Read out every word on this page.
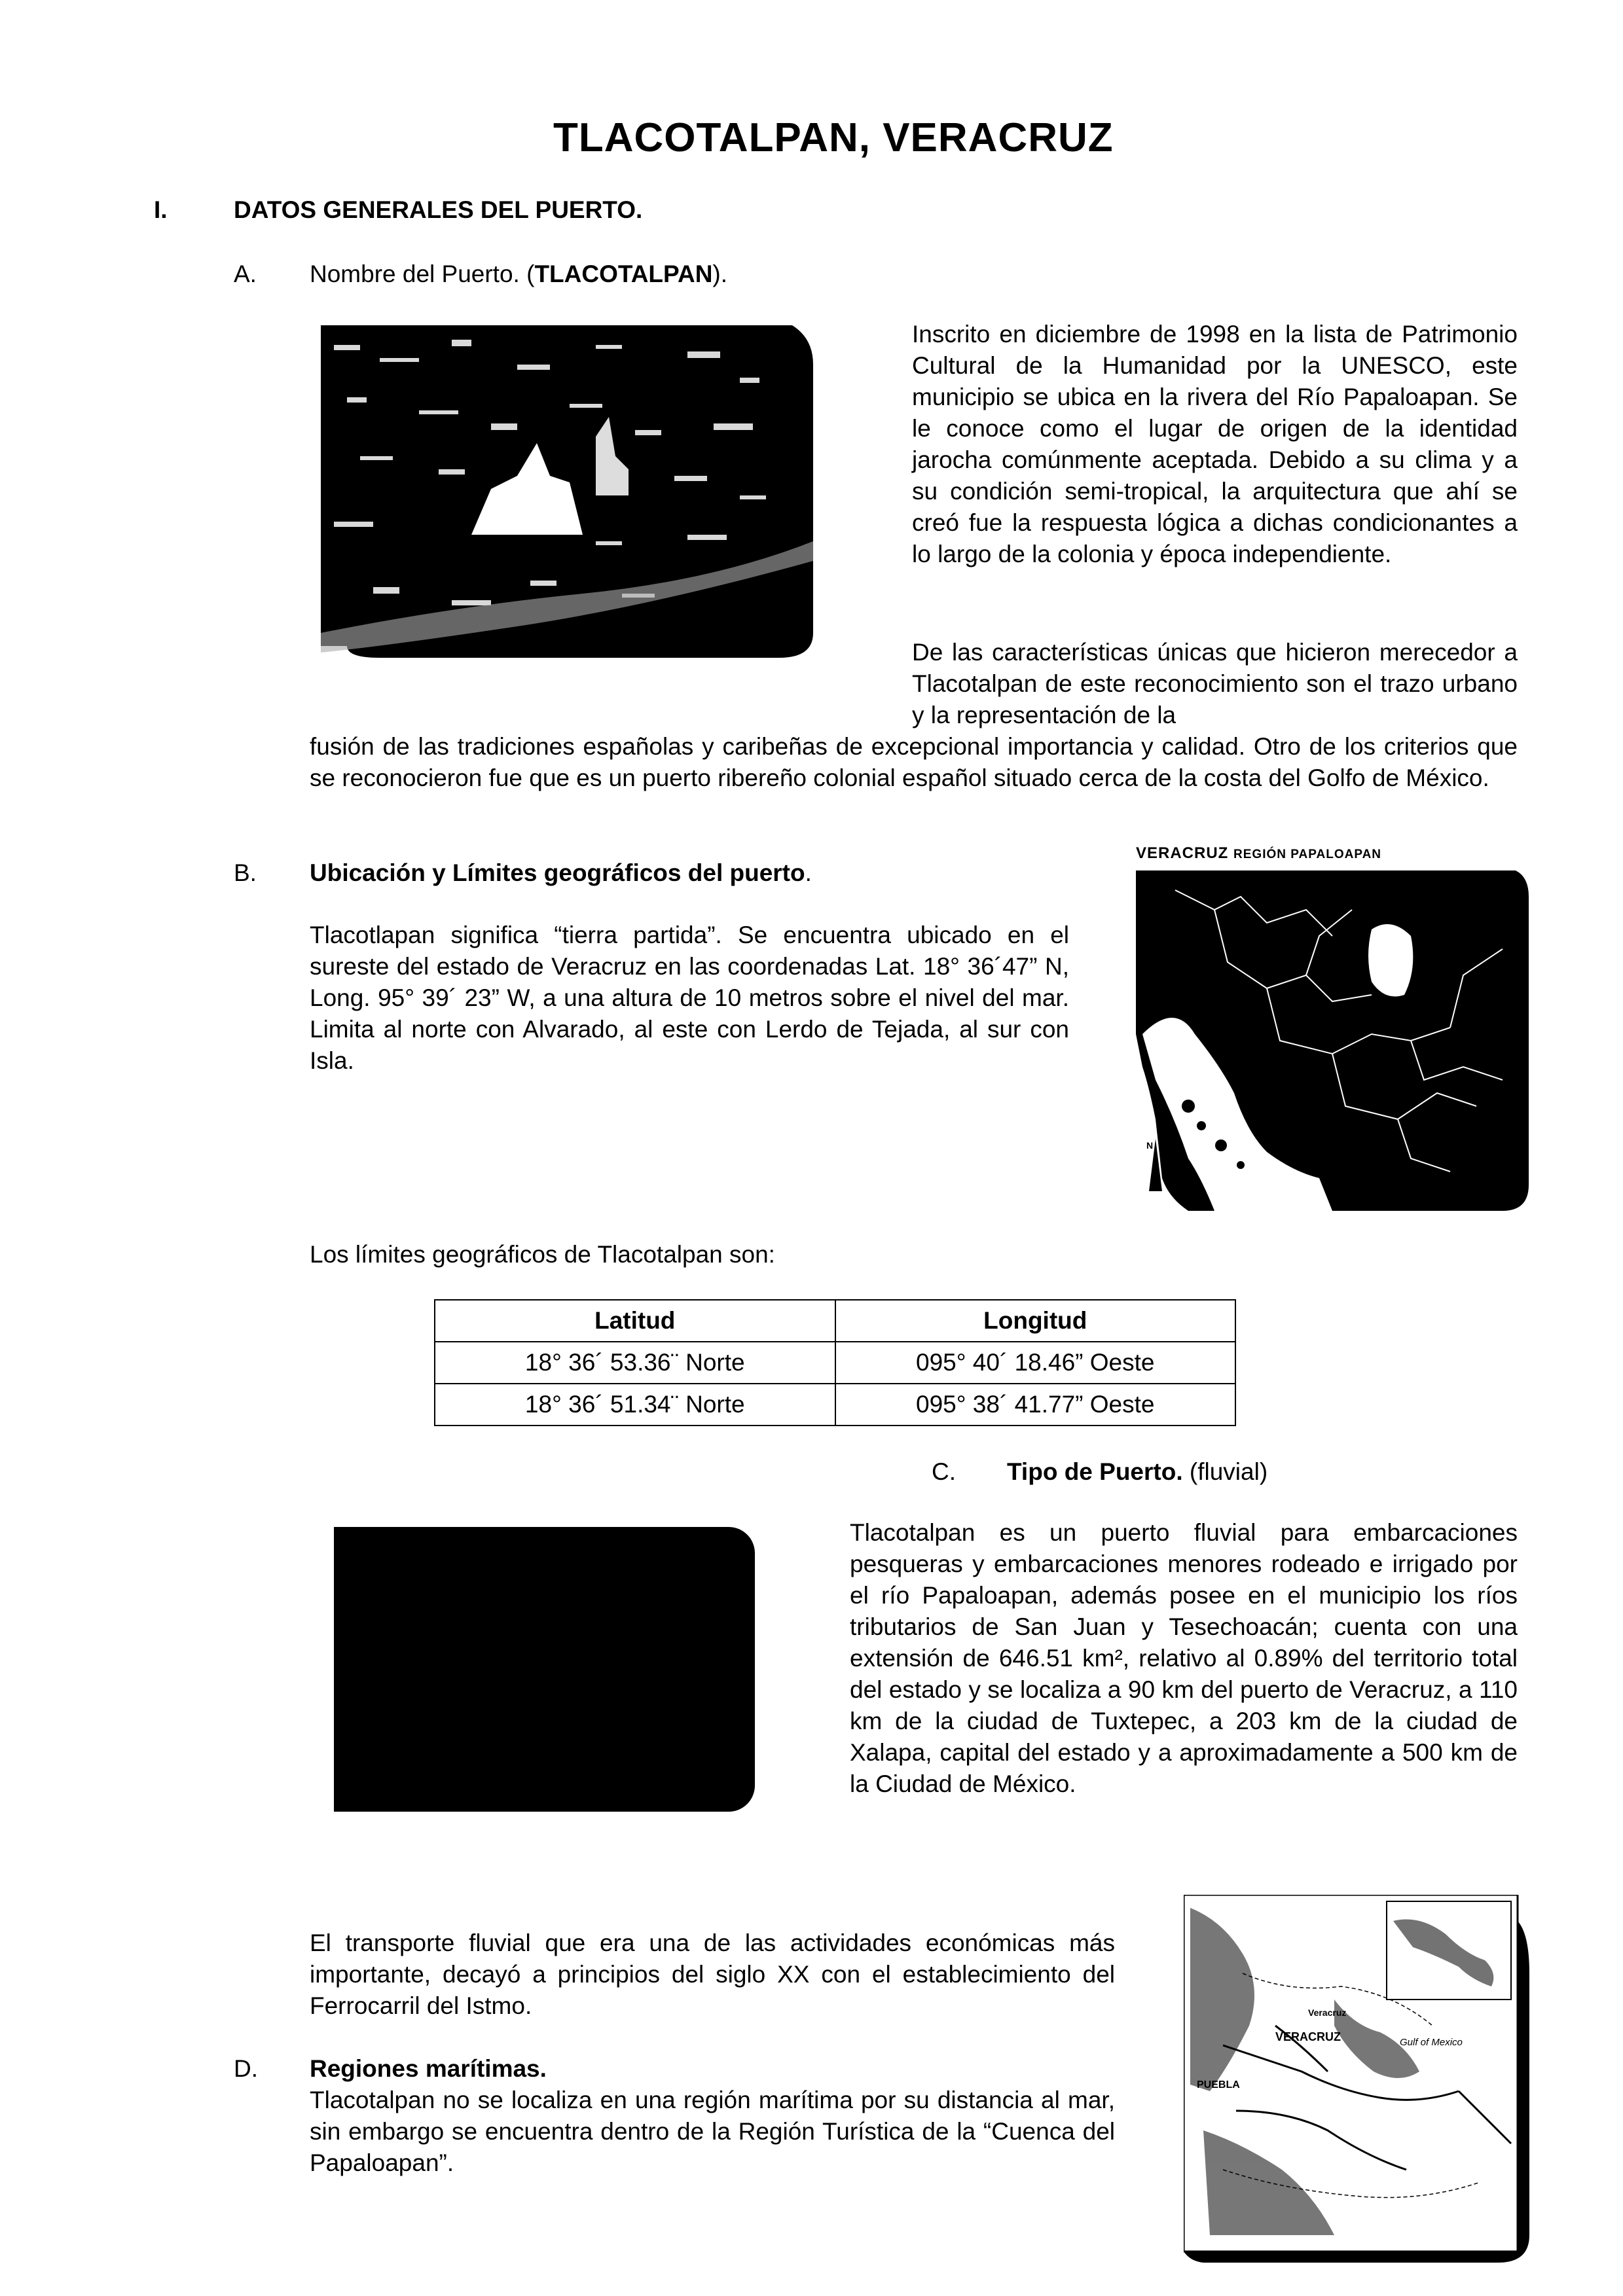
TLACOTALPAN, VERACRUZ
I.	DATOS GENERALES DEL PUERTO.
A. Nombre del Puerto. (TLACOTALPAN).
Inscrito en diciembre de 1998 en la lista de Patrimonio Cultural de la Humanidad por la UNESCO, este municipio se ubica en la rivera del Río Papaloapan. Se le conoce como el lugar de origen de la identidad jarocha comúnmente aceptada. Debido a su clima y a su condición semi-tropical, la arquitectura que ahí se creó fue la respuesta lógica a dichas condicionantes a lo largo de la colonia y época independiente.
De las características únicas que hicieron merecedor a Tlacotalpan de este reconocimiento son el trazo urbano y la representación de la
fusión de las tradiciones españolas y caribeñas de excepcional importancia y calidad. Otro de los criterios que se reconocieron fue que es un puerto ribereño colonial español situado cerca de la costa del Golfo de México.
B. Ubicación y Límites geográficos del puerto.
Tlacotlapan significa “tierra partida”. Se encuentra ubicado en el sureste del estado de Veracruz en las coordenadas Lat. 18° 36´47” N, Long. 95° 39´ 23” W, a una altura de 10 metros sobre el nivel del mar. Limita al norte con Alvarado, al este con Lerdo de Tejada, al sur con Isla.
VERACRUZ REGIÓN PAPALOAPAN
N
Los límites geográficos de Tlacotalpan son:
Latitud	Longitud
18° 36´ 53.36¨ Norte	095° 40´ 18.46” Oeste
18° 36´ 51.34¨ Norte	095° 38´ 41.77” Oeste
C. Tipo de Puerto. (fluvial)
Tlacotalpan es un puerto fluvial para embarcaciones pesqueras y embarcaciones menores rodeado e irrigado por el río Papaloapan, además posee en el municipio los ríos tributarios de San Juan y Tesechoacán; cuenta con una extensión de 646.51 km², relativo al 0.89% del territorio total del estado y se localiza a 90 km del puerto de Veracruz, a 110 km de la ciudad de Tuxtepec, a 203 km de la ciudad de Xalapa, capital del estado y a aproximadamente a 500 km de la Ciudad de México.
El transporte fluvial que era una de las actividades económicas más importante, decayó a principios del siglo XX con el establecimiento del Ferrocarril del Istmo.
D. Regiones marítimas.
Tlacotalpan no se localiza en una región marítima por su distancia al mar, sin embargo se encuentra dentro de la Región Turística de la “Cuenca del Papaloapan”.
Veracruz
VERACRUZ	Gulf of Mexico
PUEBLA
